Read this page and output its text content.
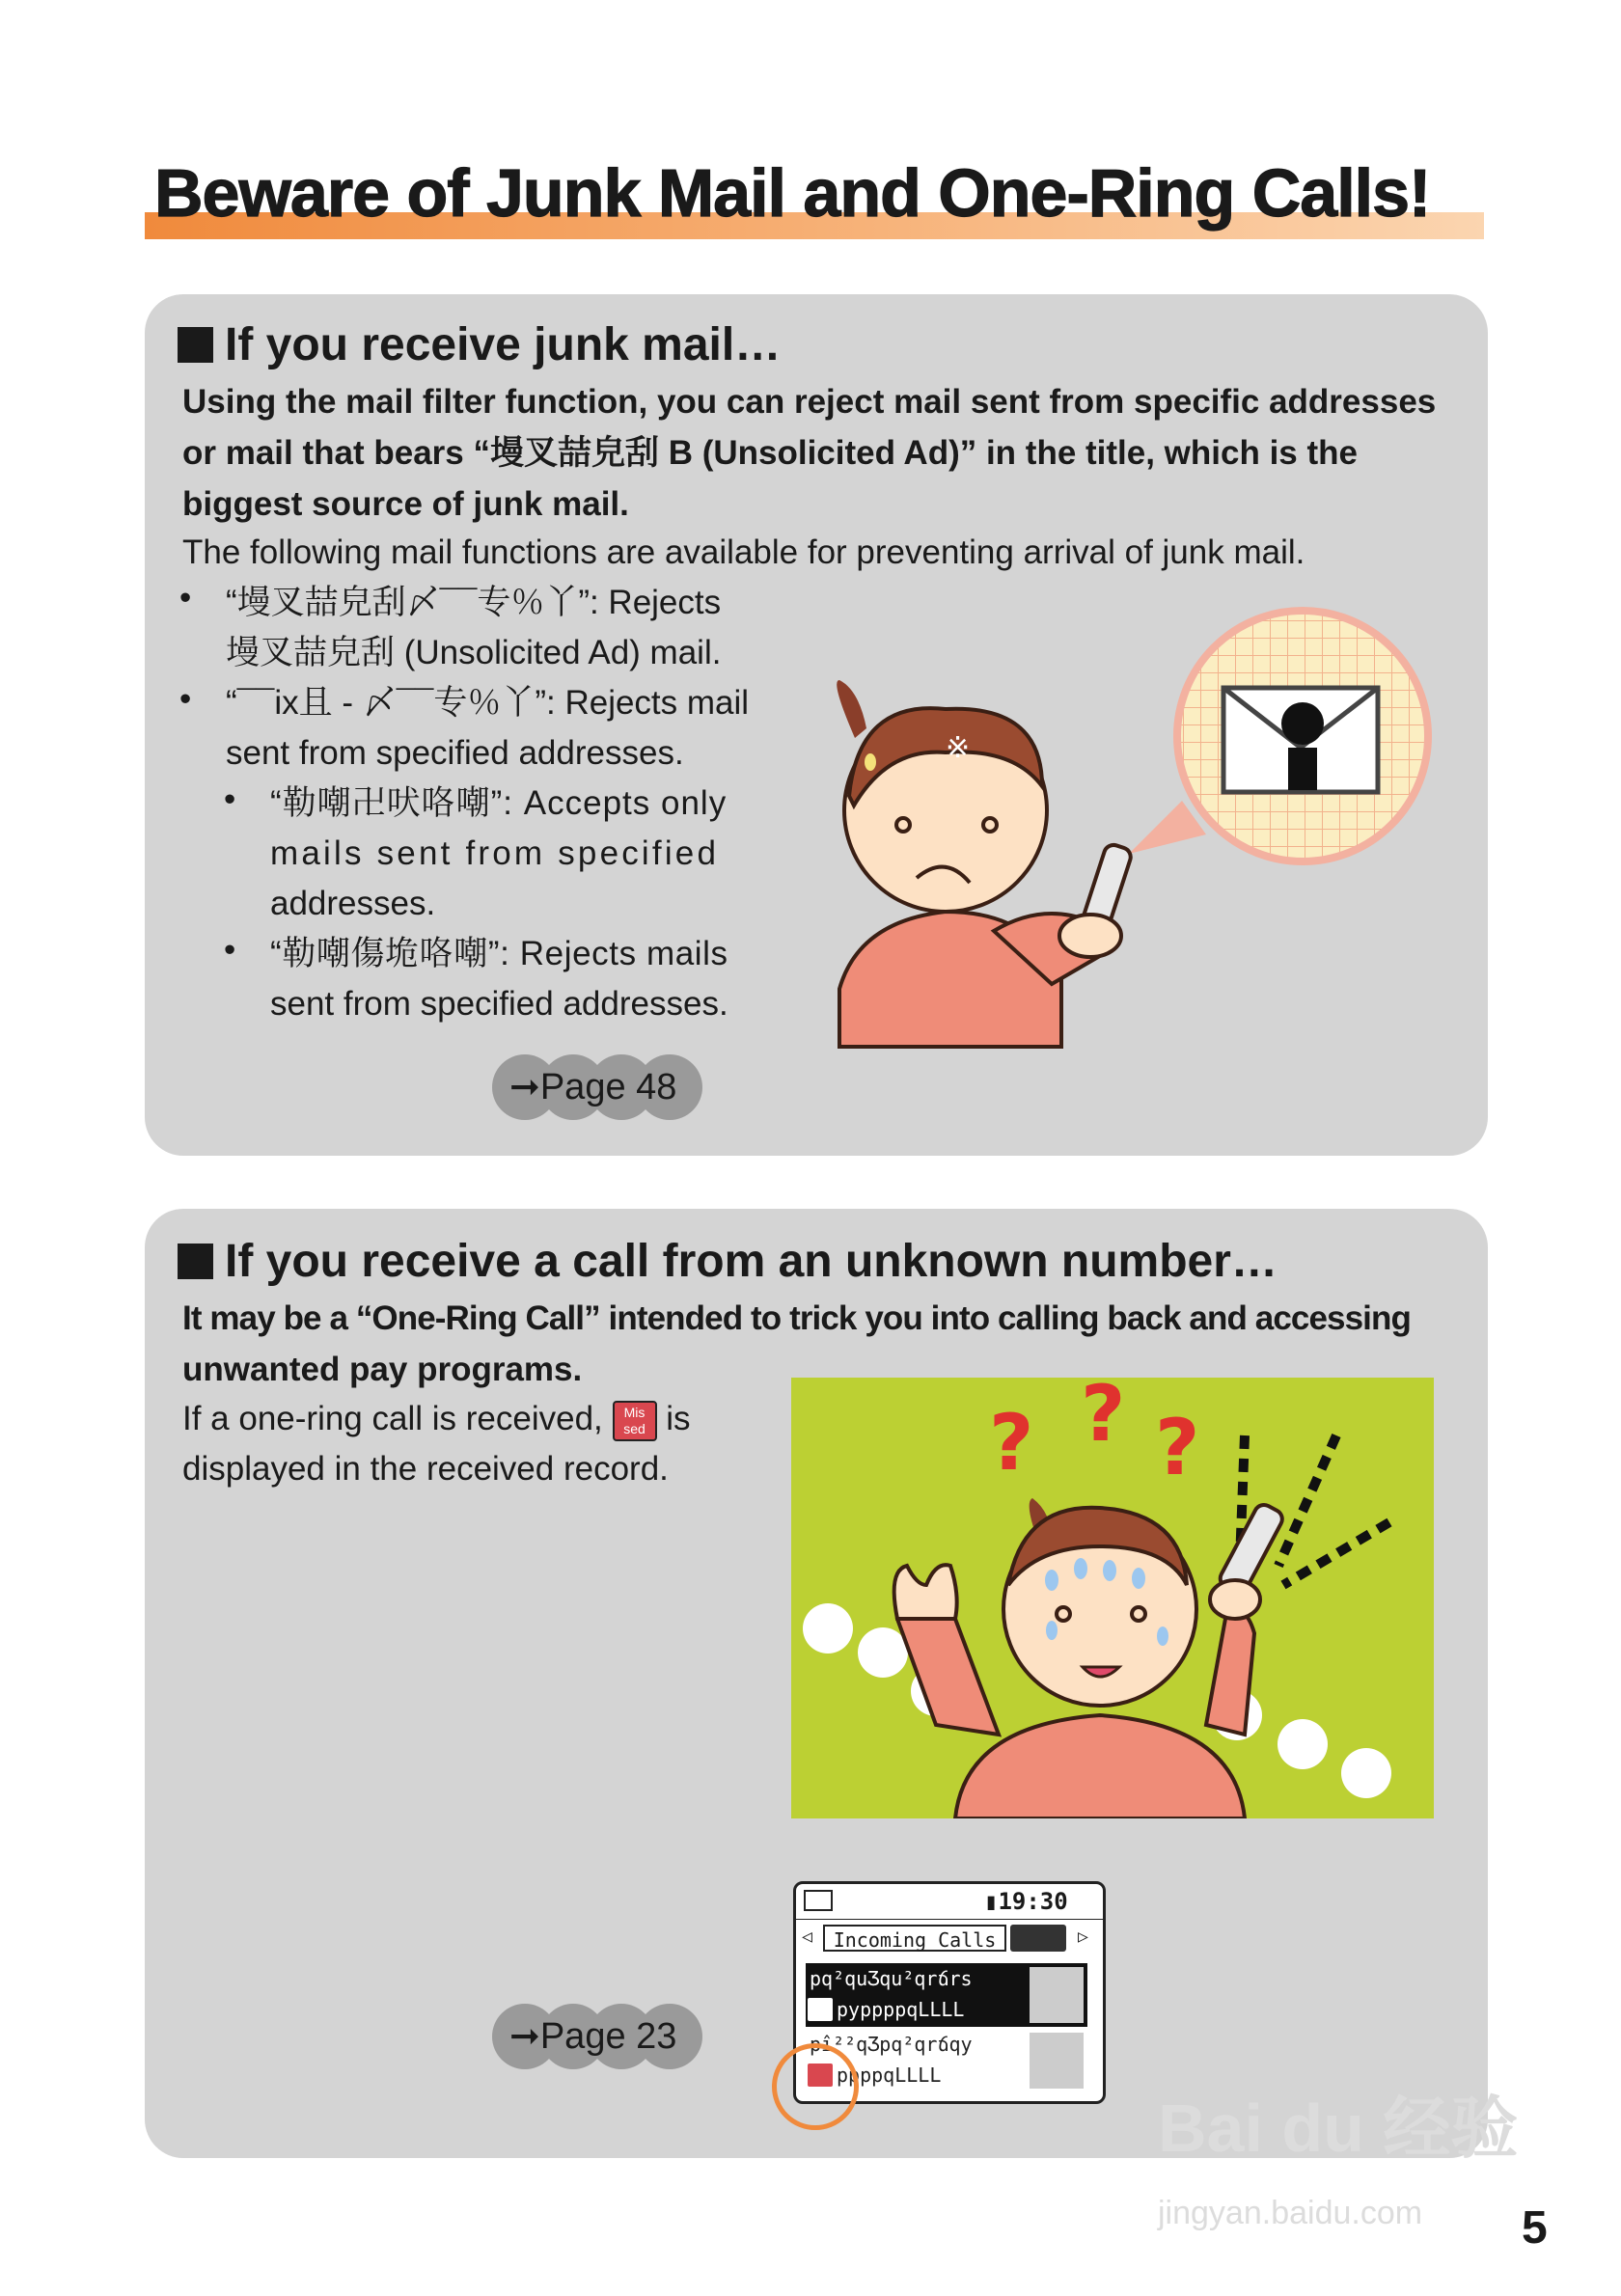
Beware of Junk Mail and One-Ring Calls!
If you receive junk mail…
Using the mail filter function, you can reject mail sent from specific addresses
or mail that bears “墁叉喆皃刮 B (Unsolicited Ad)” in the title, which is the
biggest source of junk mail.
The following mail functions are available for preventing arrival of junk mail.
• “墁叉喆皃刮〆¯¯专％丫”: Rejects
墁叉喆皃刮 (Unsolicited Ad) mail.
• “¯¯ix且 - 〆¯¯专％丫”: Rejects mail
sent from specified addresses.
• “勒嘲卍吠咯嘲”: Accepts only
mails sent from specified
addresses.
• “勒嘲傷垝咯嘲”: Rejects mails
sent from specified addresses.
➞Page 48
※
If you receive a call from an unknown number…
It may be a “One-Ring Call” intended to trick you into calling back and accessing
unwanted pay programs.
If a one-ring call is received,	Mis
sed is
displayed in the received record.	? ? ?
➞Page 23
▮19:30
◁	Incoming Calls	▷
pq²quƷqu²qrճrs
pyppppqLLLL
pî²²qƷpq²qrճqy
ppppqLLLL
Bai du 经验
jingyan.baidu.com 5
